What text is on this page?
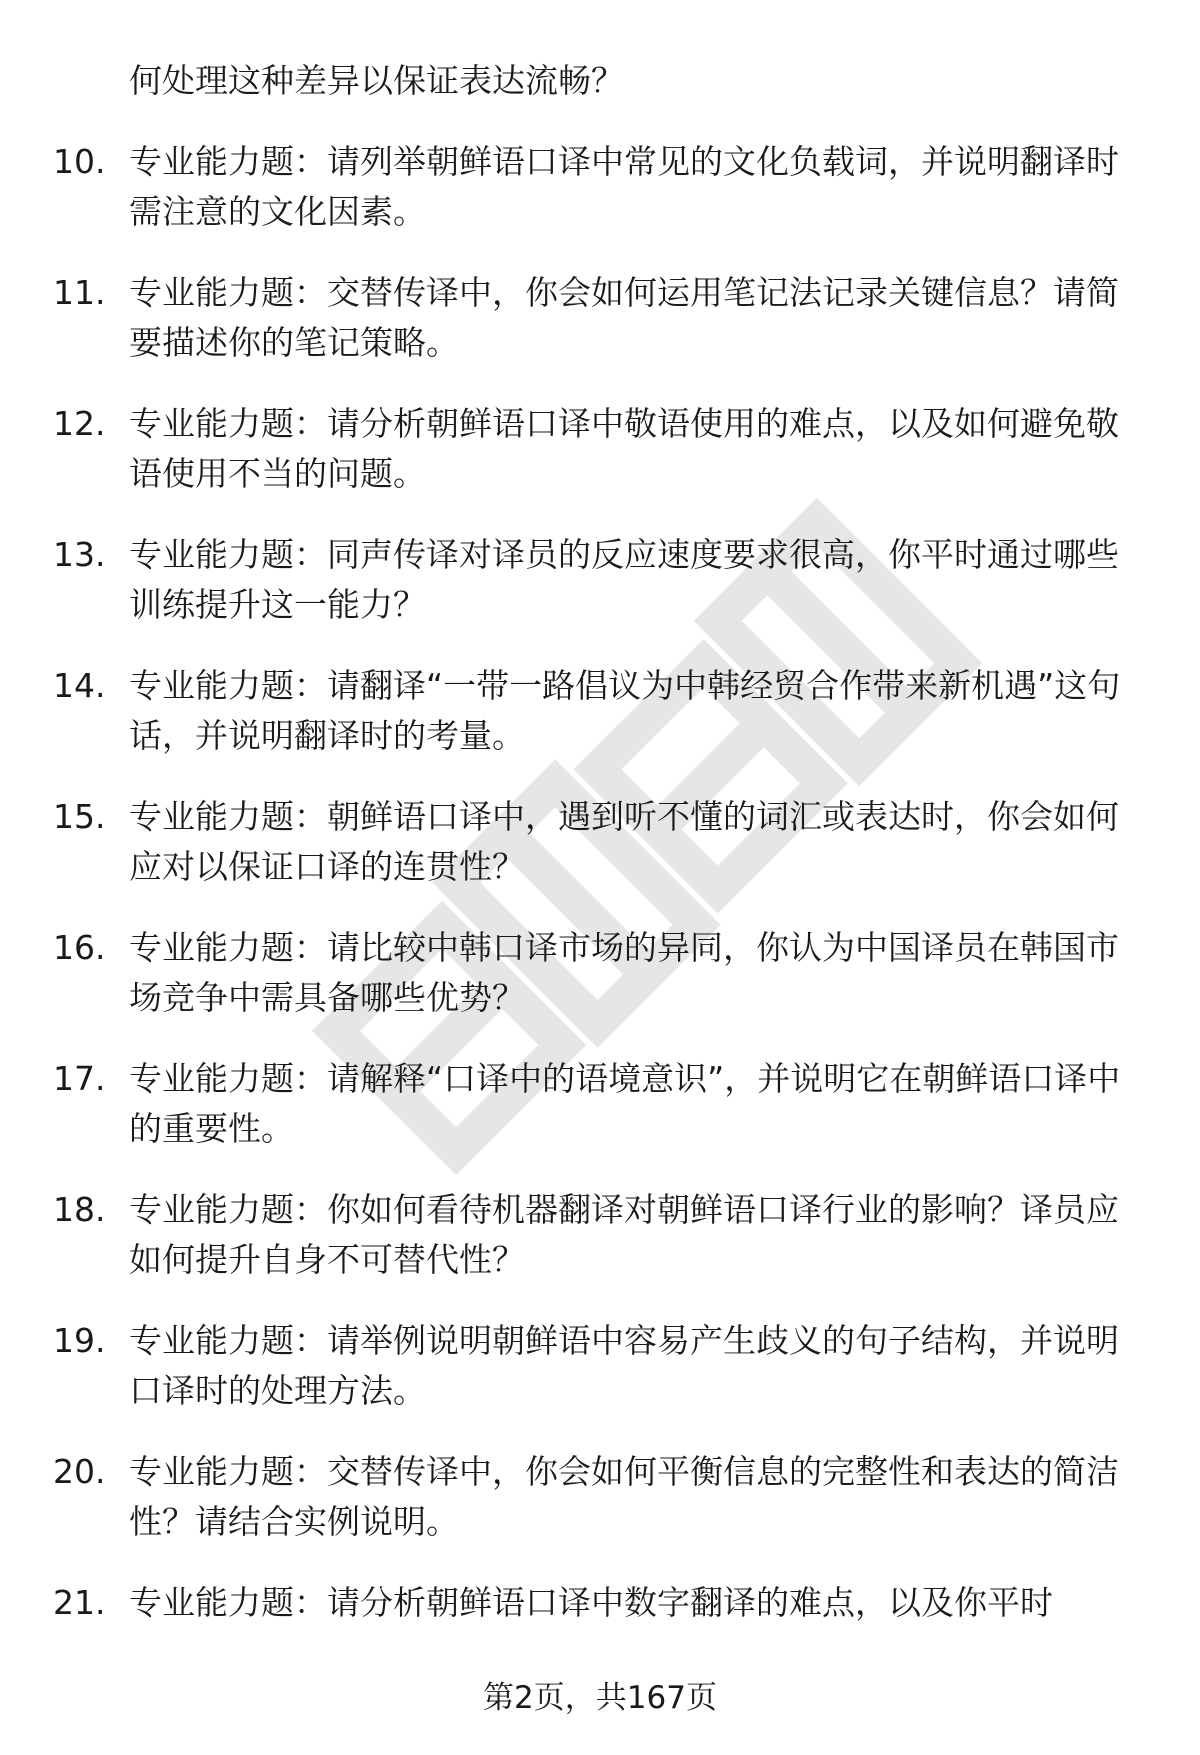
何处理这种差异以保证表达流畅？
10. 专业能力题：请列举朝鲜语口译中常见的文化负载词，并说明翻译时需注意的文化因素。
11. 专业能力题：交替传译中，你会如何运用笔记法记录关键信息？请简要描述你的笔记策略。
12. 专业能力题：请分析朝鲜语口译中敬语使用的难点，以及如何避免敬语使用不当的问题。
13. 专业能力题：同声传译对译员的反应速度要求很高，你平时通过哪些训练提升这一能力？
14. 专业能力题：请翻译“一带一路倡议为中韩经贸合作带来新机遇”这句话，并说明翻译时的考量。
15. 专业能力题：朝鲜语口译中，遇到听不懂的词汇或表达时，你会如何应对以保证口译的连贯性？
16. 专业能力题：请比较中韩口译市场的异同，你认为中国译员在韩国市场竞争中需具备哪些优势？
17. 专业能力题：请解释“口译中的语境意识”，并说明它在朝鲜语口译中的重要性。
18. 专业能力题：你如何看待机器翻译对朝鲜语口译行业的影响？译员应如何提升自身不可替代性？
19. 专业能力题：请举例说明朝鲜语中容易产生歧义的句子结构，并说明口译时的处理方法。
20. 专业能力题：交替传译中，你会如何平衡信息的完整性和表达的简洁性？请结合实例说明。
21. 专业能力题：请分析朝鲜语口译中数字翻译的难点，以及你平时
第2页，共167页
